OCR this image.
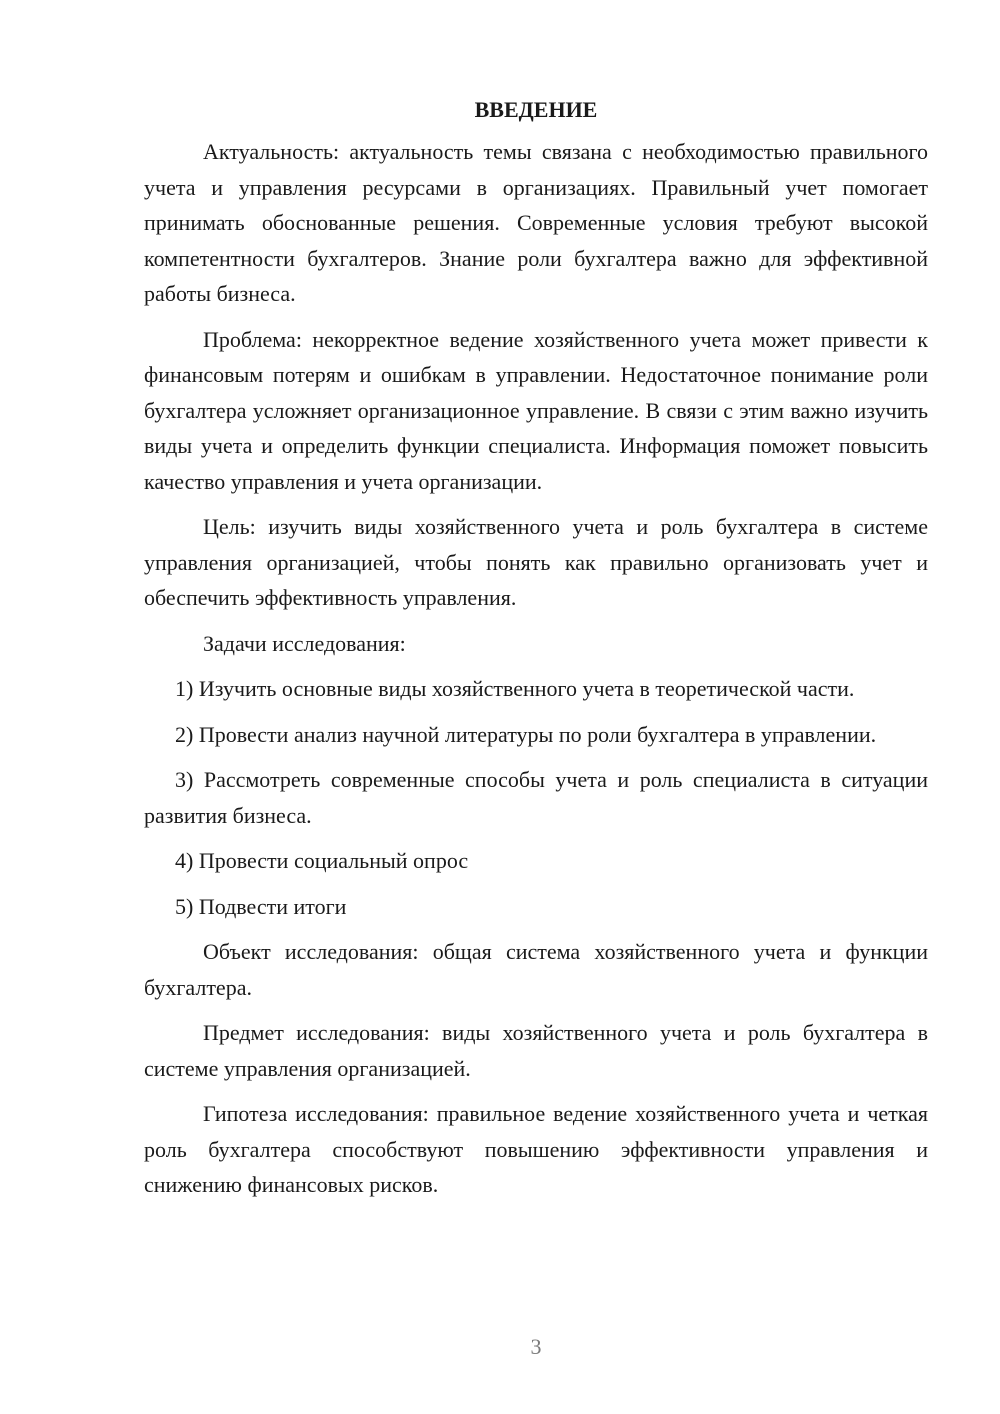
ВВЕДЕНИЕ

Актуальность: актуальность темы связана с необходимостью правильного учета и управления ресурсами в организациях. Правильный учет помогает принимать обоснованные решения. Современные условия требуют высокой компетентности бухгалтеров. Знание роли бухгалтера важно для эффективной работы бизнеса.

Проблема: некорректное ведение хозяйственного учета может привести к финансовым потерям и ошибкам в управлении. Недостаточное понимание роли бухгалтера усложняет организационное управление. В связи с этим важно изучить виды учета и определить функции специалиста. Информация поможет повысить качество управления и учета организации.

Цель: изучить виды хозяйственного учета и роль бухгалтера в системе управления организацией, чтобы понять как правильно организовать учет и обеспечить эффективность управления.

Задачи исследования:

1) Изучить основные виды хозяйственного учета в теоретической части.

2) Провести анализ научной литературы по роли бухгалтера в управлении.

3) Рассмотреть современные способы учета и роль специалиста в ситуации развития бизнеса.

4) Провести социальный опрос

5) Подвести итоги

Объект исследования: общая система хозяйственного учета и функции бухгалтера.

Предмет исследования: виды хозяйственного учета и роль бухгалтера в системе управления организацией.

Гипотеза исследования: правильное ведение хозяйственного учета и четкая роль бухгалтера способствуют повышению эффективности управления и снижению финансовых рисков.

3
